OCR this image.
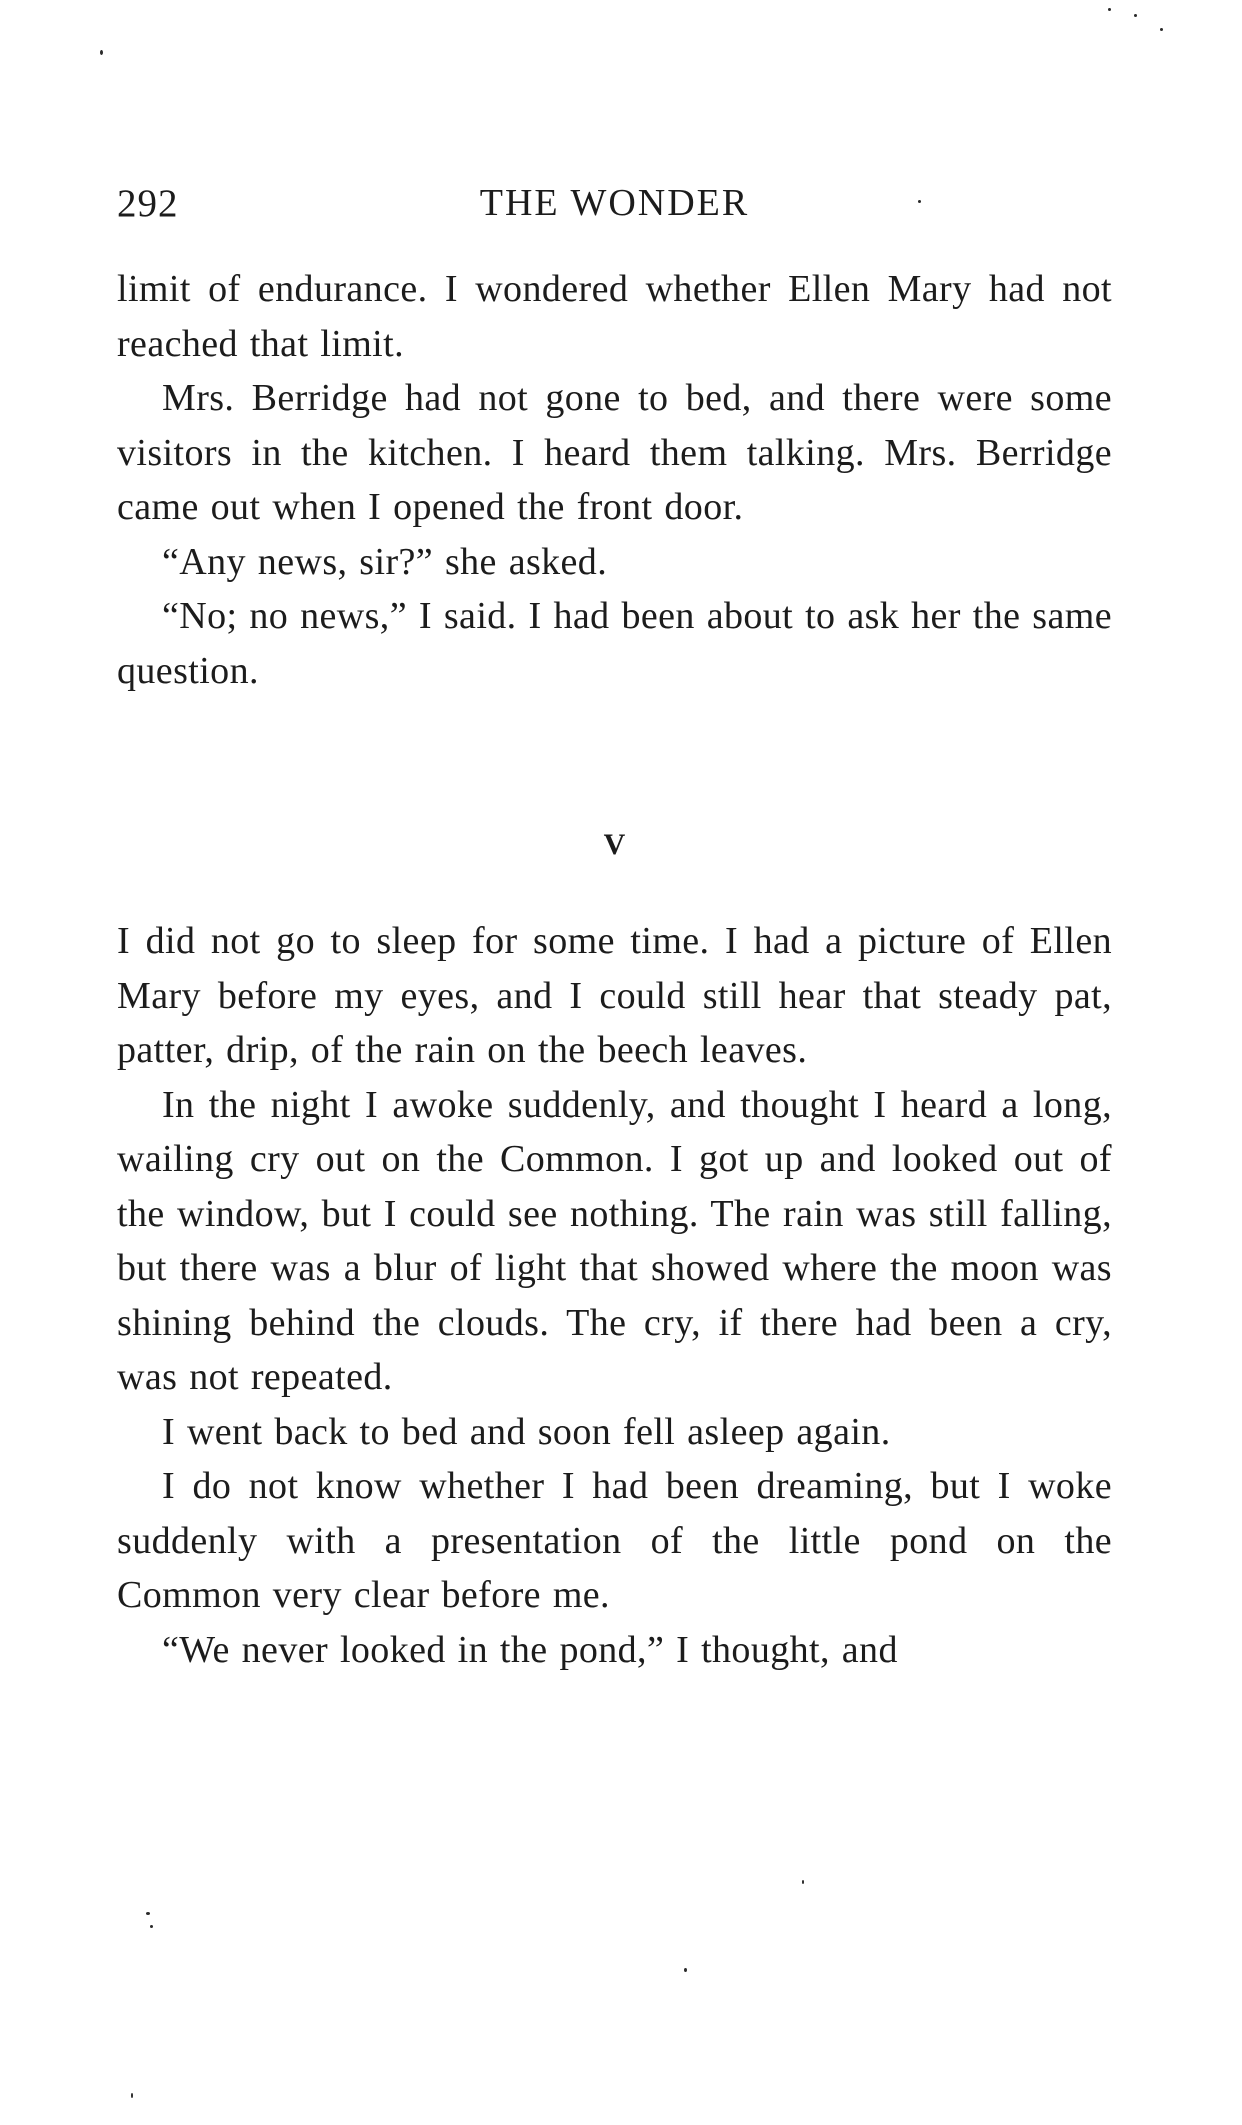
292	THE WONDER

limit of endurance. I wondered whether Ellen Mary had not reached that limit.

Mrs. Berridge had not gone to bed, and there were some visitors in the kitchen. I heard them talking. Mrs. Berridge came out when I opened the front door.

“Any news, sir?” she asked.

“No; no news,” I said. I had been about to ask her the same question.

V

I did not go to sleep for some time. I had a picture of Ellen Mary before my eyes, and I could still hear that steady pat, patter, drip, of the rain on the beech leaves.

In the night I awoke suddenly, and thought I heard a long, wailing cry out on the Common. I got up and looked out of the window, but I could see nothing. The rain was still falling, but there was a blur of light that showed where the moon was shining behind the clouds. The cry, if there had been a cry, was not repeated.

I went back to bed and soon fell asleep again.

I do not know whether I had been dreaming, but I woke suddenly with a presentation of the little pond on the Common very clear before me.

“We never looked in the pond,” I thought, and
